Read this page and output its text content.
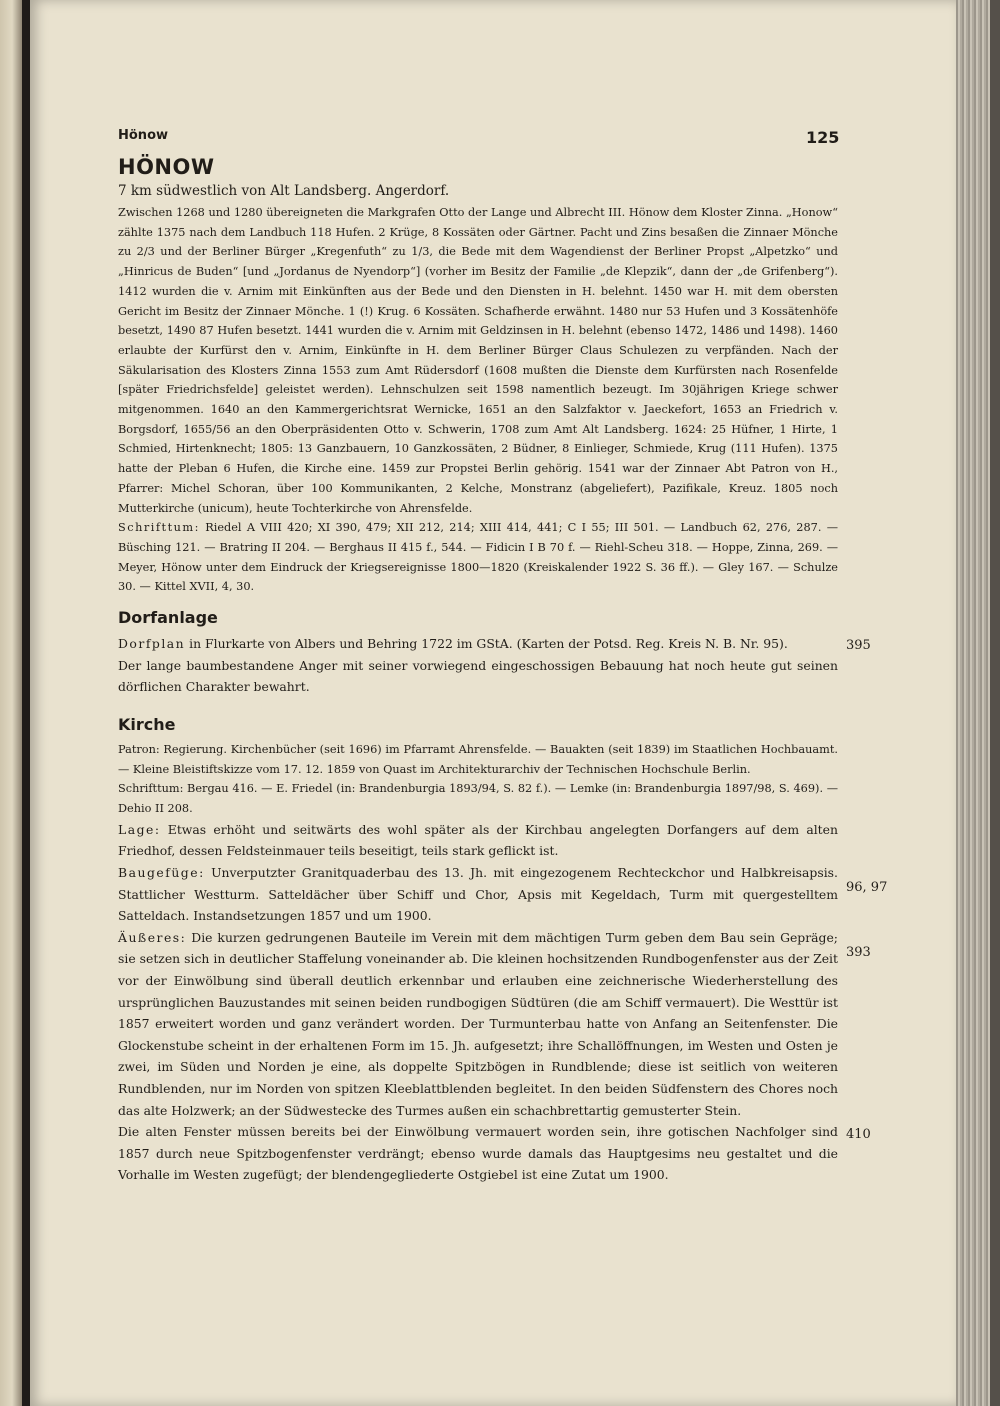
Hönow	125
HÖNOW

7 km südwestlich von Alt Landsberg. Angerdorf.

Zwischen 1268 und 1280 übereigneten die Markgrafen Otto der Lange und Albrecht III. Hönow dem Kloster Zinna. „Honow“ zählte 1375 nach dem Landbuch 118 Hufen. 2 Krüge, 8 Kossäten oder Gärtner. Pacht und Zins besaßen die Zinnaer Mönche zu 2/3 und der Berliner Bürger „Kregenfuth“ zu 1/3, die Bede mit dem Wagendienst der Berliner Propst „Alpetzko“ und „Hinricus de Buden“ [und „Jordanus de Nyendorp“] (vorher im Besitz der Familie „de Klepzik“, dann der „de Grifenberg“). 1412 wurden die v. Arnim mit Einkünften aus der Bede und den Diensten in H. belehnt. 1450 war H. mit dem obersten Gericht im Besitz der Zinnaer Mönche. 1 (!) Krug. 6 Kossäten. Schafherde erwähnt. 1480 nur 53 Hufen und 3 Kossätenhöfe besetzt, 1490 87 Hufen besetzt. 1441 wurden die v. Arnim mit Geldzinsen in H. belehnt (ebenso 1472, 1486 und 1498). 1460 erlaubte der Kurfürst den v. Arnim, Einkünfte in H. dem Berliner Bürger Claus Schulezen zu verpfänden. Nach der Säkularisation des Klosters Zinna 1553 zum Amt Rüdersdorf (1608 mußten die Dienste dem Kurfürsten nach Rosenfelde [später Friedrichsfelde] geleistet werden). Lehnschulzen seit 1598 namentlich bezeugt. Im 30jährigen Kriege schwer mitgenommen. 1640 an den Kammergerichtsrat Wernicke, 1651 an den Salzfaktor v. Jaeckefort, 1653 an Friedrich v. Borgsdorf, 1655/56 an den Oberpräsidenten Otto v. Schwerin, 1708 zum Amt Alt Landsberg. 1624: 25 Hüfner, 1 Hirte, 1 Schmied, Hirtenknecht; 1805: 13 Ganzbauern, 10 Ganzkossäten, 2 Büdner, 8 Einlieger, Schmiede, Krug (111 Hufen). 1375 hatte der Pleban 6 Hufen, die Kirche eine. 1459 zur Propstei Berlin gehörig. 1541 war der Zinnaer Abt Patron von H., Pfarrer: Michel Schoran, über 100 Kommunikanten, 2 Kelche, Monstranz (abgeliefert), Pazifikale, Kreuz. 1805 noch Mutterkirche (unicum), heute Tochterkirche von Ahrensfelde.

Schrifttum: Riedel A VIII 420; XI 390, 479; XII 212, 214; XIII 414, 441; C I 55; III 501. — Landbuch 62, 276, 287. — Büsching 121. — Bratring II 204. — Berghaus II 415 f., 544. — Fidicin I B 70 f. — Riehl-Scheu 318. — Hoppe, Zinna, 269. — Meyer, Hönow unter dem Eindruck der Kriegsereignisse 1800—1820 (Kreiskalender 1922 S. 36 ff.). — Gley 167. — Schulze 30. — Kittel XVII, 4, 30.

Dorfanlage

Dorfplan in Flurkarte von Albers und Behring 1722 im GStA. (Karten der Potsd. Reg. Kreis N. B. Nr. 95).

Der lange baumbestandene Anger mit seiner vorwiegend eingeschossigen Bebauung hat noch heute gut seinen dörflichen Charakter bewahrt.

395
Kirche

Patron: Regierung. Kirchenbücher (seit 1696) im Pfarramt Ahrensfelde. — Bauakten (seit 1839) im Staatlichen Hochbauamt. — Kleine Bleistiftskizze vom 17. 12. 1859 von Quast im Architekturarchiv der Technischen Hochschule Berlin.

Schrifttum: Bergau 416. — E. Friedel (in: Brandenburgia 1893/94, S. 82 f.). — Lemke (in: Brandenburgia 1897/98, S. 469). — Dehio II 208.

Lage: Etwas erhöht und seitwärts des wohl später als der Kirchbau angelegten Dorfangers auf dem alten Friedhof, dessen Feldsteinmauer teils beseitigt, teils stark geflickt ist.

Baugefüge: Unverputzter Granitquaderbau des 13. Jh. mit eingezogenem Rechteckchor und Halbkreisapsis. Stattlicher Westturm. Satteldächer über Schiff und Chor, Apsis mit Kegeldach, Turm mit quergestelltem Satteldach. Instandsetzungen 1857 und um 1900.

Äußeres: Die kurzen gedrungenen Bauteile im Verein mit dem mächtigen Turm geben dem Bau sein Gepräge; sie setzen sich in deutlicher Staffelung voneinander ab. Die kleinen hochsitzenden Rundbogenfenster aus der Zeit vor der Einwölbung sind überall deutlich erkennbar und erlauben eine zeichnerische Wiederherstellung des ursprünglichen Bauzustandes mit seinen beiden rundbogigen Südtüren (die am Schiff vermauert). Die Westtür ist 1857 erweitert worden und ganz verändert worden. Der Turmunterbau hatte von Anfang an Seitenfenster. Die Glockenstube scheint in der erhaltenen Form im 15. Jh. aufgesetzt; ihre Schallöffnungen, im Westen und Osten je zwei, im Süden und Norden je eine, als doppelte Spitzbögen in Rundblende; diese ist seitlich von weiteren Rundblenden, nur im Norden von spitzen Kleeblattblenden begleitet. In den beiden Südfenstern des Chores noch das alte Holzwerk; an der Südwestecke des Turmes außen ein schachbrettartig gemusterter Stein.

Die alten Fenster müssen bereits bei der Einwölbung vermauert worden sein, ihre gotischen Nachfolger sind 1857 durch neue Spitzbogenfenster verdrängt; ebenso wurde damals das Hauptgesims neu gestaltet und die Vorhalle im Westen zugefügt; der blendengegliederte Ostgiebel ist eine Zutat um 1900.

96, 97
393
410
